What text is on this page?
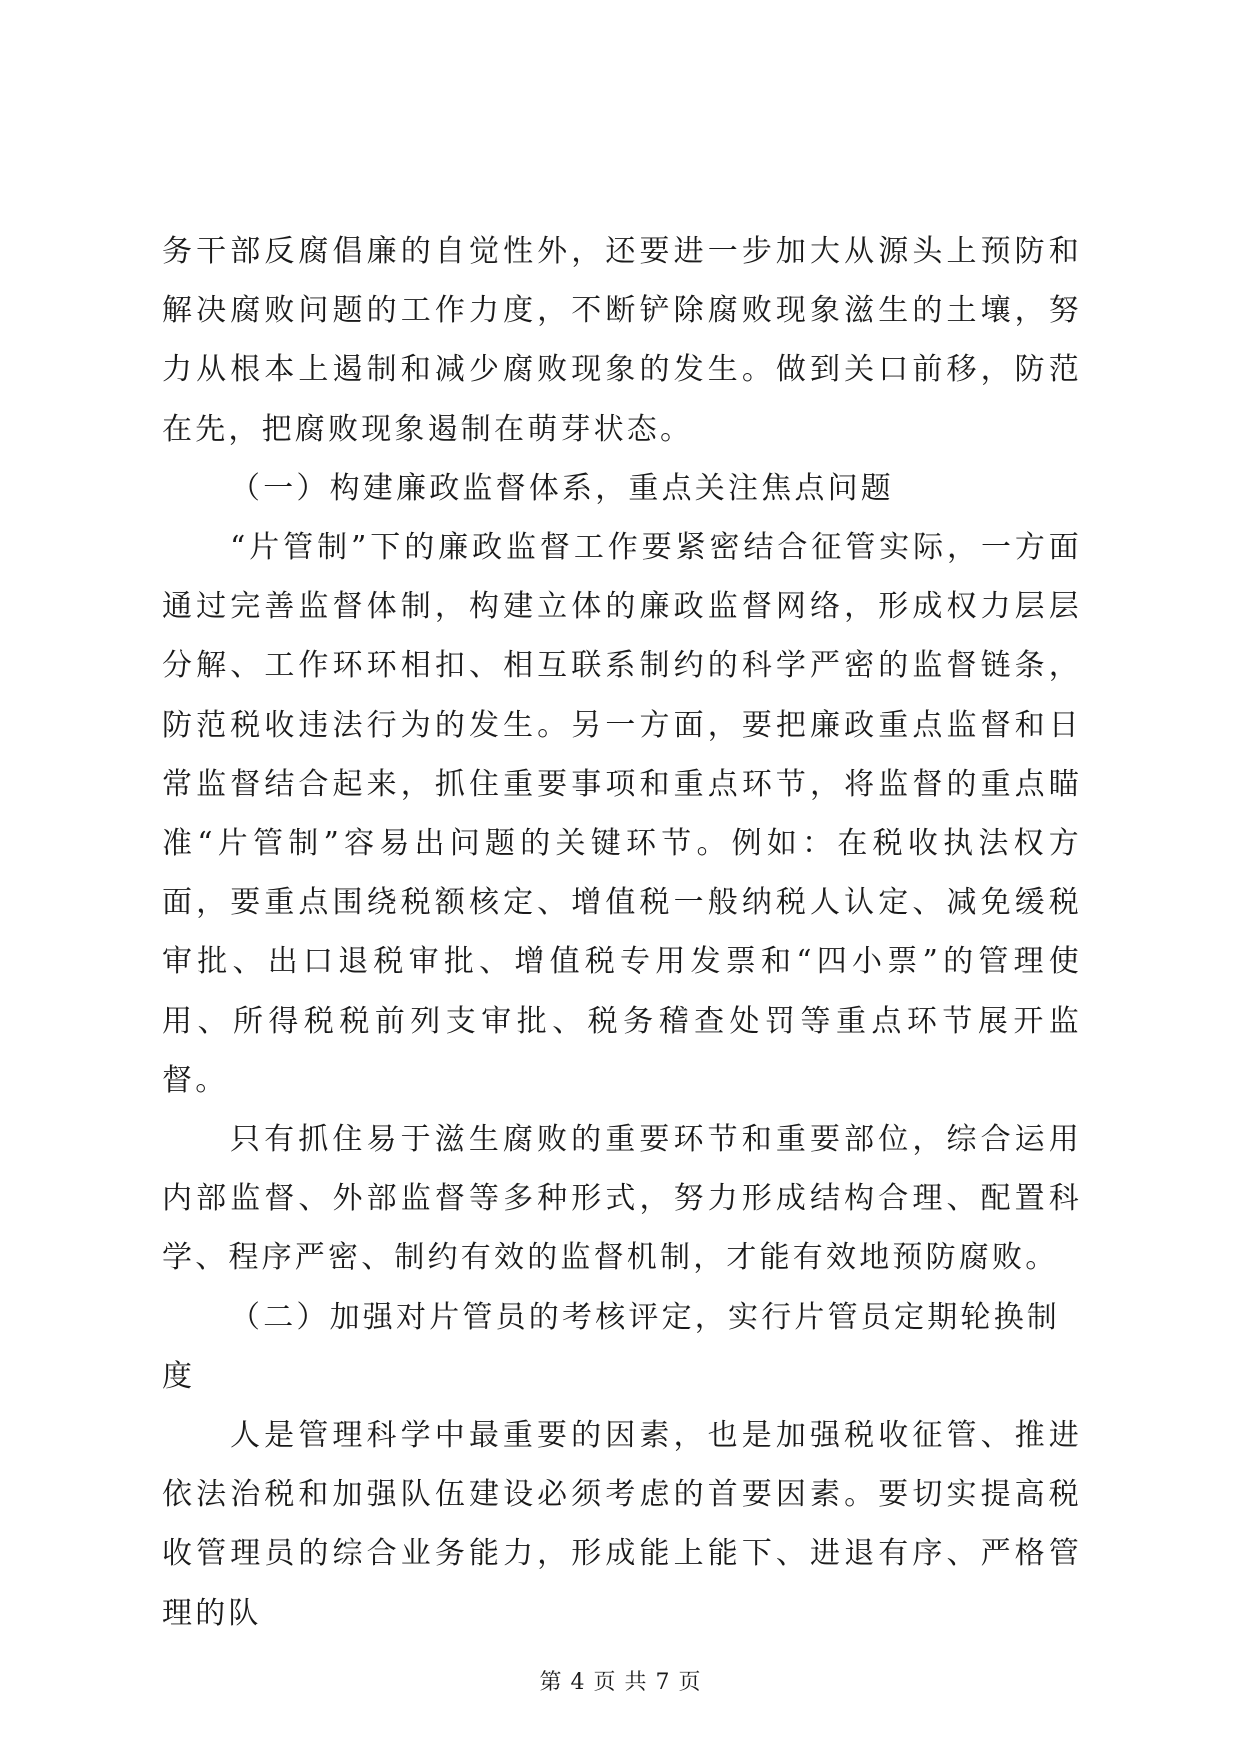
务干部反腐倡廉的自觉性外，还要进一步加大从源头上预防和解决腐败问题的工作力度，不断铲除腐败现象滋生的土壤，努力从根本上遏制和减少腐败现象的发生。做到关口前移，防范在先，把腐败现象遏制在萌芽状态。

（一）构建廉政监督体系，重点关注焦点问题

“片管制”下的廉政监督工作要紧密结合征管实际，一方面通过完善监督体制，构建立体的廉政监督网络，形成权力层层分解、工作环环相扣、相互联系制约的科学严密的监督链条，防范税收违法行为的发生。另一方面，要把廉政重点监督和日常监督结合起来，抓住重要事项和重点环节，将监督的重点瞄准“片管制”容易出问题的关键环节。例如：在税收执法权方面，要重点围绕税额核定、增值税一般纳税人认定、减免缓税审批、出口退税审批、增值税专用发票和“四小票”的管理使用、所得税税前列支审批、税务稽查处罚等重点环节展开监督。

只有抓住易于滋生腐败的重要环节和重要部位，综合运用内部监督、外部监督等多种形式，努力形成结构合理、配置科学、程序严密、制约有效的监督机制，才能有效地预防腐败。

（二）加强对片管员的考核评定，实行片管员定期轮换制度

人是管理科学中最重要的因素，也是加强税收征管、推进依法治税和加强队伍建设必须考虑的首要因素。要切实提高税收管理员的综合业务能力，形成能上能下、进退有序、严格管理的队

第 4 页 共 7 页
